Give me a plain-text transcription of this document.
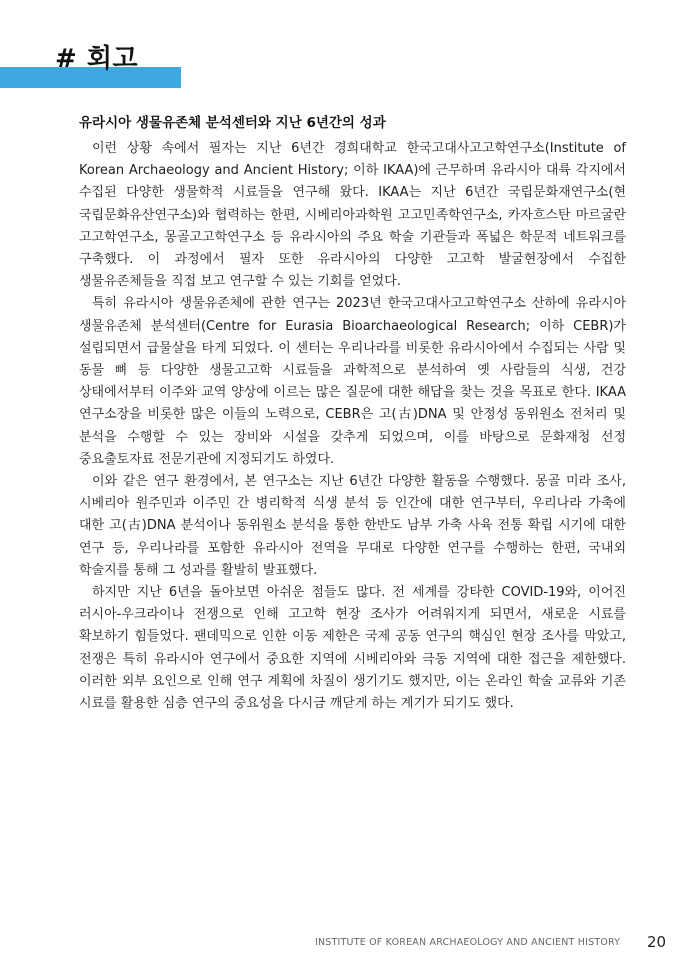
# 회고
유라시아 생물유존체 분석센터와 지난 6년간의 성과

이런 상황 속에서 필자는 지난 6년간 경희대학교 한국고대사고고학연구소(Institute of Korean Archaeology and Ancient History; 이하 IKAA)에 근무하며 유라시아 대륙 각지에서 수집된 다양한 생물학적 시료들을 연구해 왔다. IKAA는 지난 6년간 국립문화재연구소(현 국립문화유산연구소)와 협력하는 한편, 시베리아과학원 고고민족학연구소, 카자흐스탄 마르굴란 고고학연구소, 몽골고고학연구소 등 유라시아의 주요 학술 기관들과 폭넓은 학문적 네트워크를 구축했다. 이 과정에서 필자 또한 유라시아의 다양한 고고학 발굴현장에서 수집한 생물유존체들을 직접 보고 연구할 수 있는 기회를 얻었다.

특히 유라시아 생물유존체에 관한 연구는 2023년 한국고대사고고학연구소 산하에 유라시아 생물유존체 분석센터(Centre for Eurasia Bioarchaeological Research; 이하 CEBR)가 설립되면서 급물살을 타게 되었다. 이 센터는 우리나라를 비롯한 유라시아에서 수집되는 사람 및 동물 뼈 등 다양한 생물고고학 시료들을 과학적으로 분석하여 옛 사람들의 식생, 건강 상태에서부터 이주와 교역 양상에 이르는 많은 질문에 대한 해답을 찾는 것을 목표로 한다. IKAA 연구소장을 비롯한 많은 이들의 노력으로, CEBR은 고(古)DNA 및 안정성 동위원소 전처리 및 분석을 수행할 수 있는 장비와 시설을 갖추게 되었으며, 이를 바탕으로 문화재청 선정 중요출토자료 전문기관에 지정되기도 하였다.

이와 같은 연구 환경에서, 본 연구소는 지난 6년간 다양한 활동을 수행했다. 몽골 미라 조사, 시베리아 원주민과 이주민 간 병리학적 식생 분석 등 인간에 대한 연구부터, 우리나라 가축에 대한 고(古)DNA 분석이나 동위원소 분석을 통한 한반도 남부 가축 사육 전통 확립 시기에 대한 연구 등, 우리나라를 포함한 유라시아 전역을 무대로 다양한 연구를 수행하는 한편, 국내외 학술지를 통해 그 성과를 활발히 발표했다.

하지만 지난 6년을 돌아보면 아쉬운 점들도 많다. 전 세계를 강타한 COVID-19와, 이어진 러시아-우크라이나 전쟁으로 인해 고고학 현장 조사가 어려워지게 되면서, 새로운 시료를 확보하기 힘들었다. 팬데믹으로 인한 이동 제한은 국제 공동 연구의 핵심인 현장 조사를 막았고, 전쟁은 특히 유라시아 연구에서 중요한 지역에 시베리아와 극동 지역에 대한 접근을 제한했다. 이러한 외부 요인으로 인해 연구 계획에 차질이 생기기도 했지만, 이는 온라인 학술 교류와 기존 시료를 활용한 심층 연구의 중요성을 다시금 깨닫게 하는 계기가 되기도 했다.

INSTITUTE OF KOREAN ARCHAEOLOGY AND ANCIENT HISTORY 20
